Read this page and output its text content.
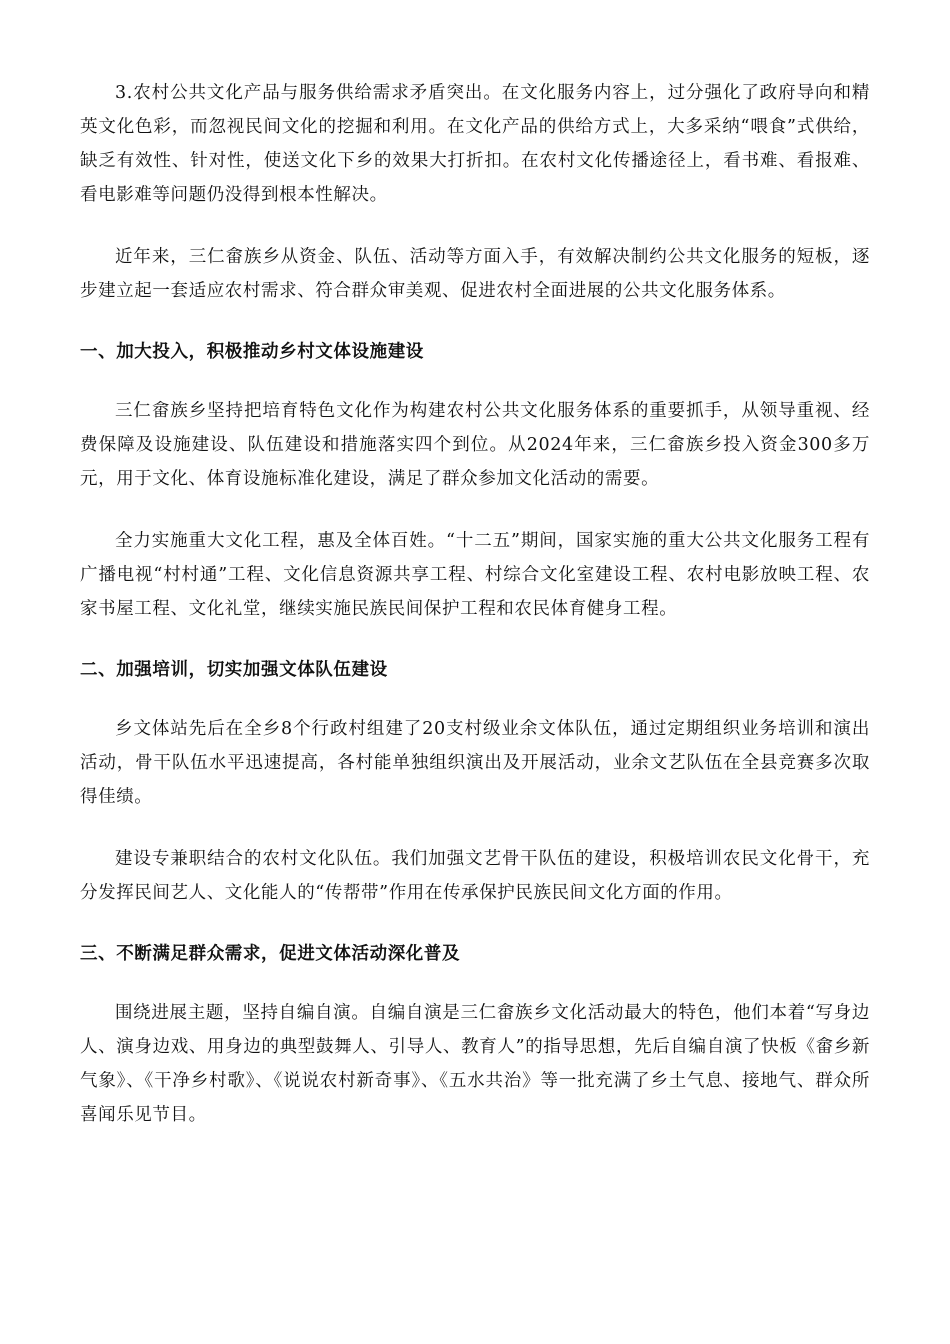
3.农村公共文化产品与服务供给需求矛盾突出。在文化服务内容上，过分强化了政府导向和精英文化色彩，而忽视民间文化的挖掘和利用。在文化产品的供给方式上，大多采纳“喂食”式供给，缺乏有效性、针对性，使送文化下乡的效果大打折扣。在农村文化传播途径上，看书难、看报难、看电影难等问题仍没得到根本性解决。

近年来，三仁畲族乡从资金、队伍、活动等方面入手，有效解决制约公共文化服务的短板，逐步建立起一套适应农村需求、符合群众审美观、促进农村全面进展的公共文化服务体系。

一、加大投入，积极推动乡村文体设施建设

三仁畲族乡坚持把培育特色文化作为构建农村公共文化服务体系的重要抓手，从领导重视、经费保障及设施建设、队伍建设和措施落实四个到位。从2024年来，三仁畲族乡投入资金300多万元，用于文化、体育设施标准化建设，满足了群众参加文化活动的需要。

全力实施重大文化工程，惠及全体百姓。“十二五”期间，国家实施的重大公共文化服务工程有广播电视“村村通”工程、文化信息资源共享工程、村综合文化室建设工程、农村电影放映工程、农家书屋工程、文化礼堂，继续实施民族民间保护工程和农民体育健身工程。

二、加强培训，切实加强文体队伍建设

乡文体站先后在全乡8个行政村组建了20支村级业余文体队伍，通过定期组织业务培训和演出活动，骨干队伍水平迅速提高，各村能单独组织演出及开展活动，业余文艺队伍在全县竞赛多次取得佳绩。

建设专兼职结合的农村文化队伍。我们加强文艺骨干队伍的建设，积极培训农民文化骨干，充分发挥民间艺人、文化能人的“传帮带”作用在传承保护民族民间文化方面的作用。

三、不断满足群众需求，促进文体活动深化普及

围绕进展主题，坚持自编自演。自编自演是三仁畲族乡文化活动最大的特色，他们本着“写身边人、演身边戏、用身边的典型鼓舞人、引导人、教育人”的指导思想，先后自编自演了快板《畲乡新气象》、《干净乡村歌》、《说说农村新奇事》、《五水共治》等一批充满了乡土气息、接地气、群众所喜闻乐见节目。
